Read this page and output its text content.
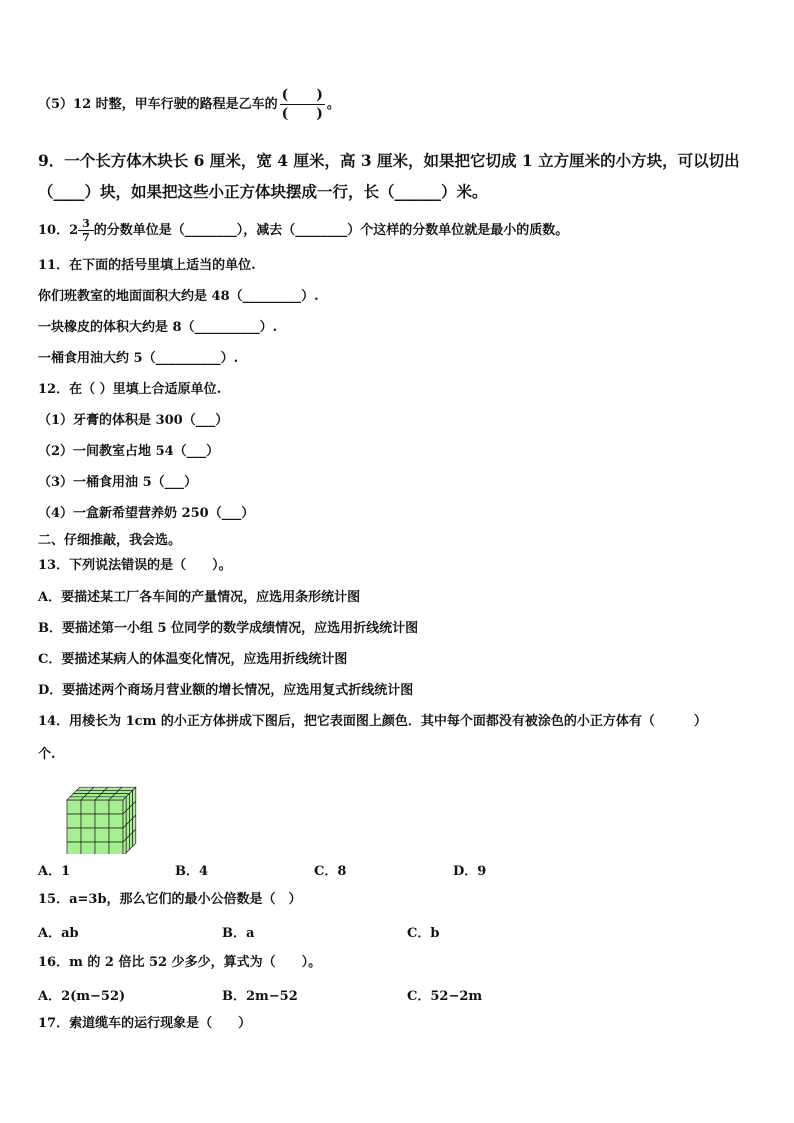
（5）12 时整，甲车行驶的路程是乙车的 $\frac{( )}{( )}$ 。
9．一个长方体木块长 6 厘米，宽 4 厘米，高 3 厘米，如果把它切成 1 立方厘米的小方块，可以切出
（____）块，如果把这些小正方体块摆成一行，长（______）米。
10．$2 \frac{3}{7}$ 的分数单位是（________），减去（________）个这样的分数单位就是最小的质数。
11．在下面的括号里填上适当的单位.
你们班教室的地面面积大约是 48（_________）.
一块橡皮的体积大约是 8（__________）.
一桶食用油大约 5（__________）.
12．在（ ）里填上合适原单位.
（1）牙膏的体积是 300（___）
（2）一间教室占地 54（___）
（3）一桶食用油 5（___）
（4）一盒新希望营养奶 250（___）
二、仔细推敲，我会选。
13．下列说法错误的是（　　）。
A．要描述某工厂各车间的产量情况，应选用条形统计图
B．要描述第一小组 5 位同学的数学成绩情况，应选用折线统计图
C．要描述某病人的体温变化情况，应选用折线统计图
D．要描述两个商场月营业额的增长情况，应选用复式折线统计图
14．用棱长为 1cm 的小正方体拼成下图后，把它表面图上颜色．其中每个面都没有被涂色的小正方体有（　　　）
个.
A．1	B．4	C．8	D．9
15．a=3b，那么它们的最小公倍数是（　）
A．ab	B．a	C．b
16．m 的 2 倍比 52 少多少，算式为（　　）。
A．2(m−52)	B．2m−52	C．52−2m
17．索道缆车的运行现象是（　　）
